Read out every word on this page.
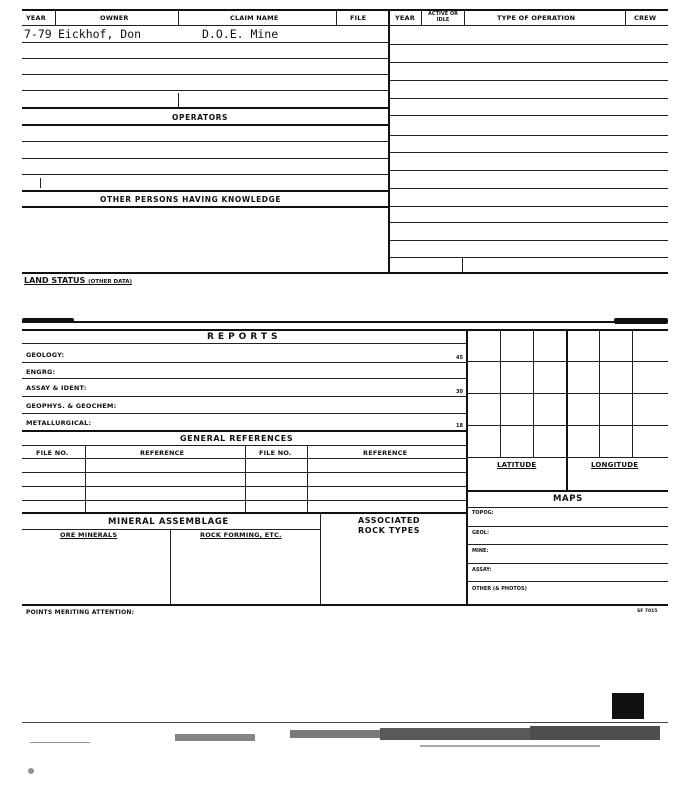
YEAR	OWNER	CLAIM NAME	FILE	YEAR	ACTIVE OR IDLE	TYPE OF OPERATION	CREW
7-79 Eickhof, Don	D.O.E. Mine
OPERATORS
OTHER PERSONS HAVING KNOWLEDGE
LAND STATUS (OTHER DATA)
REPORTS
GEOLOGY:	45
ENGRG:
ASSAY & IDENT:	30
GEOPHYS. & GEOCHEM:
METALLURGICAL:	18
GENERAL REFERENCES
FILE NO.	REFERENCE	FILE NO.	REFERENCE
MINERAL ASSEMBLAGE	ASSOCIATED
ROCK TYPES
ORE MINERALS	ROCK FORMING, ETC.
LATITUDE	LONGITUDE
MAPS
TOPOG:
GEOL:
MINE:
ASSAY:
OTHER (& PHOTOS)
POINTS MERITING ATTENTION:	SF 7015
